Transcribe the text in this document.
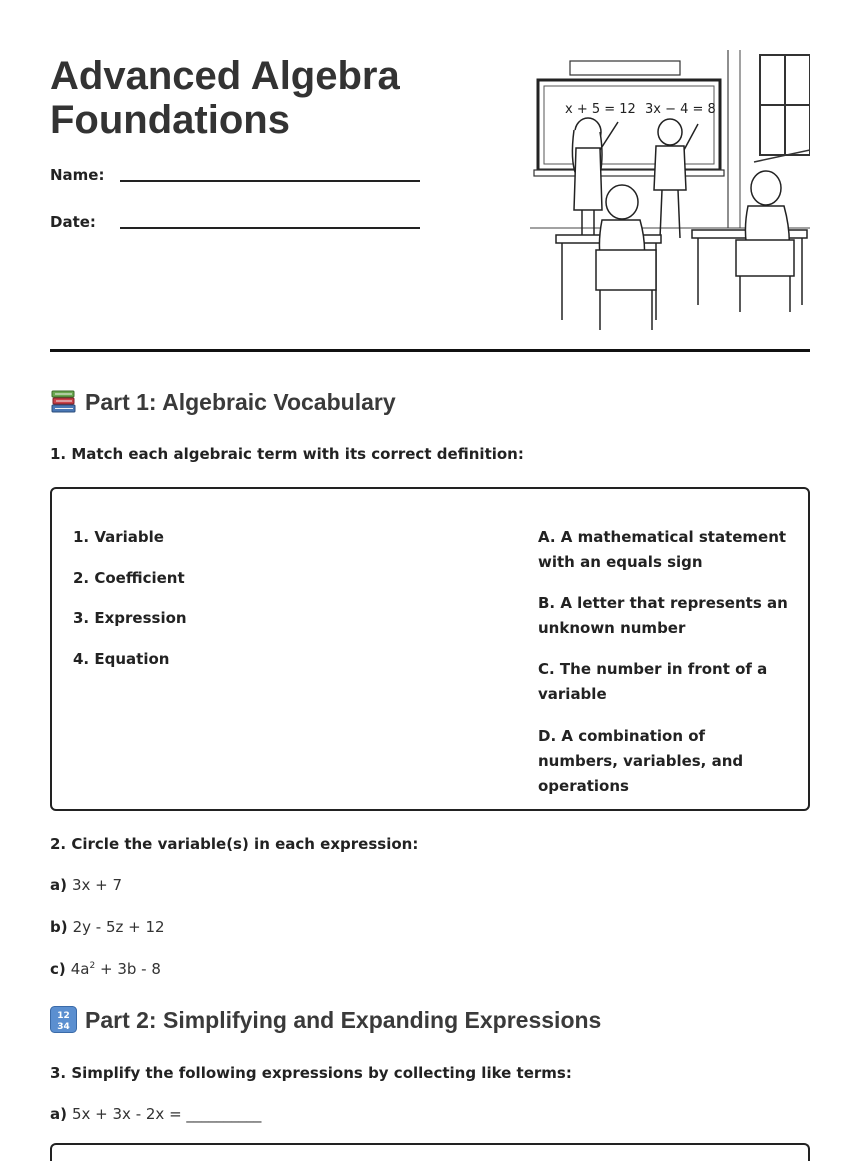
Advanced Algebra
Foundations
Name:
Date:
x + 5 = 12 3x − 4 = 8
Part 1: Algebraic Vocabulary
1. Match each algebraic term with its correct definition:
1. Variable
2. Coefficient
3. Expression
4. Equation
A. A mathematical statement with an equals sign
B. A letter that represents an unknown number
C. The number in front of a variable
D. A combination of numbers, variables, and operations
2. Circle the variable(s) in each expression:
a) 3x + 7
b) 2y - 5z + 12
c) $4a^2 + 3b - 8$
12
34 Part 2: Simplifying and Expanding Expressions
3. Simplify the following expressions by collecting like terms:
a) 5x + 3x - 2x = __________
